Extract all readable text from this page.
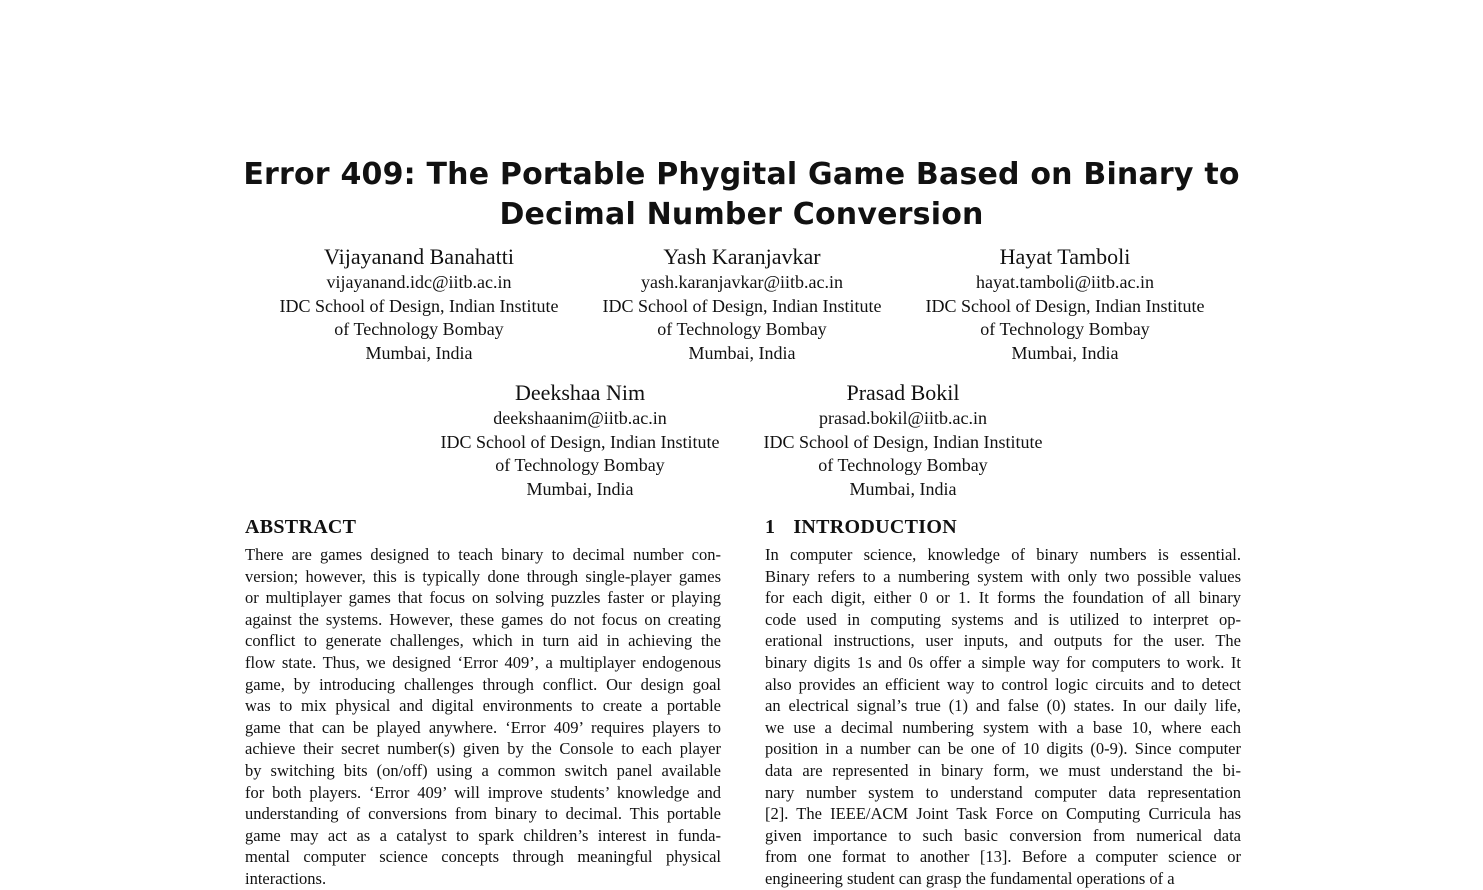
Error 409: The Portable Phygital Game Based on Binary to
Decimal Number Conversion
Vijayanand Banahatti
vijayanand.idc@iitb.ac.in
IDC School of Design, Indian Institute
of Technology Bombay
Mumbai, India
Yash Karanjavkar
yash.karanjavkar@iitb.ac.in
IDC School of Design, Indian Institute
of Technology Bombay
Mumbai, India
Hayat Tamboli
hayat.tamboli@iitb.ac.in
IDC School of Design, Indian Institute
of Technology Bombay
Mumbai, India
Deekshaa Nim
deekshaanim@iitb.ac.in
IDC School of Design, Indian Institute
of Technology Bombay
Mumbai, India
Prasad Bokil
prasad.bokil@iitb.ac.in
IDC School of Design, Indian Institute
of Technology Bombay
Mumbai, India
ABSTRACT
There are games designed to teach binary to decimal number con-
version; however, this is typically done through single-player games
or multiplayer games that focus on solving puzzles faster or playing
against the systems. However, these games do not focus on creating
conflict to generate challenges, which in turn aid in achieving the
flow state. Thus, we designed ‘Error 409’, a multiplayer endogenous
game, by introducing challenges through conflict. Our design goal
was to mix physical and digital environments to create a portable
game that can be played anywhere. ‘Error 409’ requires players to
achieve their secret number(s) given by the Console to each player
by switching bits (on/off) using a common switch panel available
for both players. ‘Error 409’ will improve students’ knowledge and
understanding of conversions from binary to decimal. This portable
game may act as a catalyst to spark children’s interest in funda-
mental computer science concepts through meaningful physical
interactions.
1 INTRODUCTION
In computer science, knowledge of binary numbers is essential.
Binary refers to a numbering system with only two possible values
for each digit, either 0 or 1. It forms the foundation of all binary
code used in computing systems and is utilized to interpret op-
erational instructions, user inputs, and outputs for the user. The
binary digits 1s and 0s offer a simple way for computers to work. It
also provides an efficient way to control logic circuits and to detect
an electrical signal’s true (1) and false (0) states. In our daily life,
we use a decimal numbering system with a base 10, where each
position in a number can be one of 10 digits (0-9). Since computer
data are represented in binary form, we must understand the bi-
nary number system to understand computer data representation
[2]. The IEEE/ACM Joint Task Force on Computing Curricula has
given importance to such basic conversion from numerical data
from one format to another [13]. Before a computer science or
engineering student can grasp the fundamental operations of a
